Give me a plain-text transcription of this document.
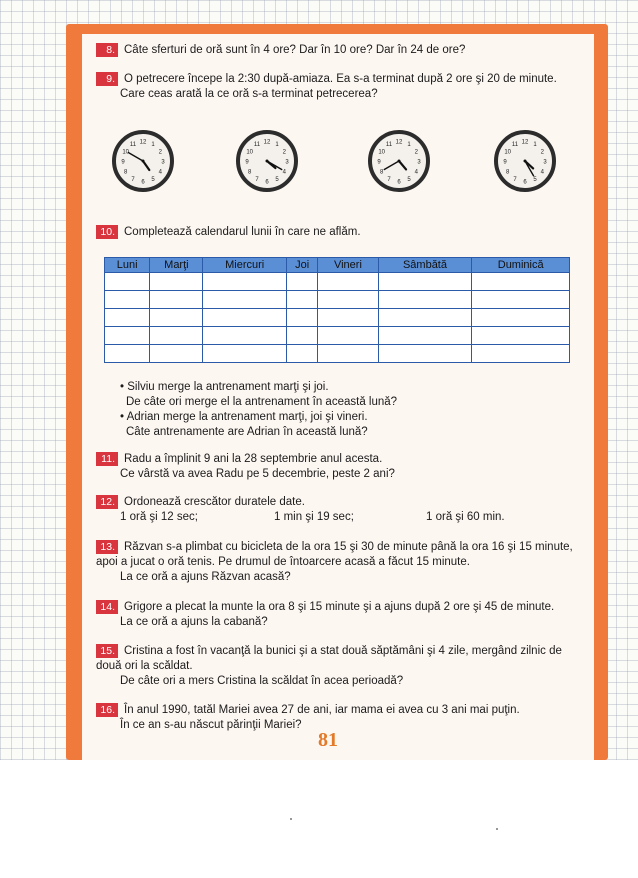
8. Câte sferturi de oră sunt în 4 ore? Dar în 10 ore? Dar în 24 de ore?
9. O petrecere începe la 2:30 după-amiaza. Ea s-a terminat după 2 ore şi 20 de minute.
Care ceas arată la ce oră s-a terminat petrecerea?
1
2
3
4
5
6
7
8
9
10
11 12	1
2
3
4
5
6
7
8
9
10
11 12	1
2
3
4
5
6
7
8
9
10
11 12	1
2
3
4
5
6
7
8
9
10
11 12
10. Completează calendarul lunii în care ne aflăm.
Luni	Marţi	Miercuri	Joi	Vineri	Sâmbătă	Duminică

• Silviu merge la antrenament marţi şi joi.
De câte ori merge el la antrenament în această lună?
• Adrian merge la antrenament marţi, joi şi vineri.
Câte antrenamente are Adrian în această lună?
11. Radu a împlinit 9 ani la 28 septembrie anul acesta.
Ce vârstă va avea Radu pe 5 decembrie, peste 2 ani?
12. Ordonează crescător duratele date.
1 oră şi 12 sec;	1 min şi 19 sec;	1 oră şi 60 min.
13. Răzvan s-a plimbat cu bicicleta de la ora 15 şi 30 de minute până la ora 16 şi 15 minute,
apoi a jucat o oră tenis. Pe drumul de întoarcere acasă a făcut 15 minute.
La ce oră a ajuns Răzvan acasă?
14. Grigore a plecat la munte la ora 8 şi 15 minute şi a ajuns după 2 ore şi 45 de minute.
La ce oră a ajuns la cabană?
15. Cristina a fost în vacanţă la bunici şi a stat două săptămâni şi 4 zile, mergând zilnic de
două ori la scăldat.
De câte ori a mers Cristina la scăldat în acea perioadă?
16. În anul 1990, tatăl Mariei avea 27 de ani, iar mama ei avea cu 3 ani mai puţin.
În ce an s-au născut părinţii Mariei?
81
